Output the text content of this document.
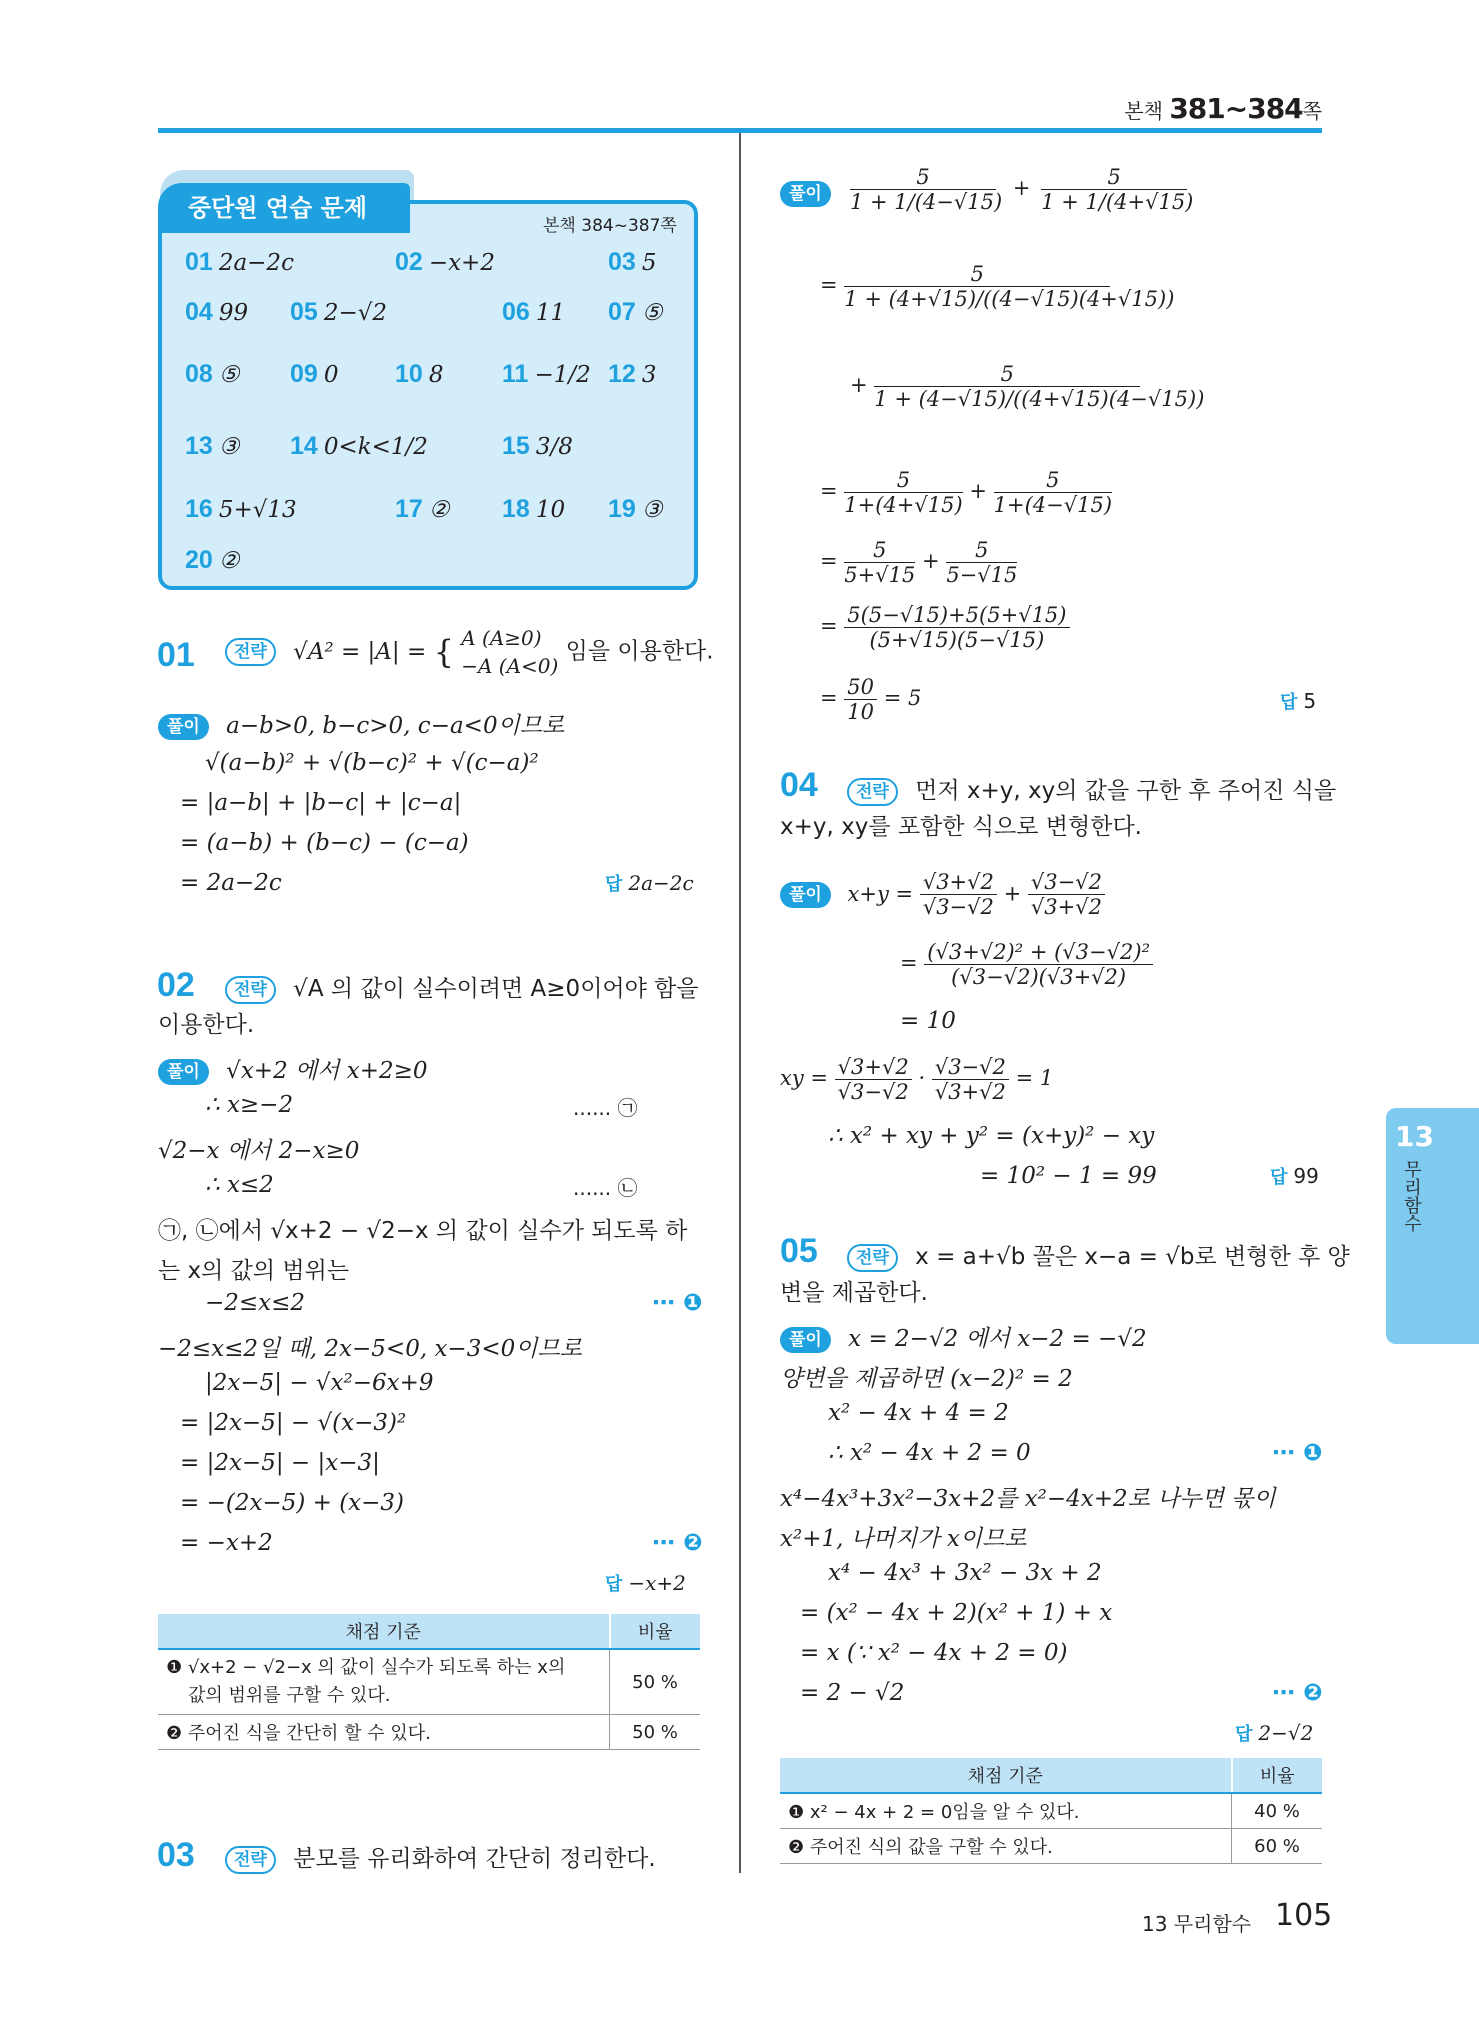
본책 381~384쪽
중단원 연습 문제
본책 384~387쪽
01 2a−2c	02 −x+2	03 5
04 99 05 2−√2	06 11 07 ⑤
08 ⑤ 09 0 10 8 11 −1/2 12 3
13 ③ 14 0<k<1/2	15 3/8
16 5+√13	17 ② 18 10 19 ③
20 ②
01	전략 √A² = |A| = { A (A≥0)
−A (A<0)
임을 이용한다.
풀이 a−b>0, b−c>0, c−a<0이므로
√(a−b)² + √(b−c)² + √(c−a)²
= |a−b| + |b−c| + |c−a|
= (a−b) + (b−c) − (c−a)
= 2a−2c	답 2a−2c
02	전략 √A 의 값이 실수이려면 A≥0이어야 함을
이용한다.
풀이 √x+2 에서 x+2≥0
∴ x≥−2	...... ㉠
√2−x 에서 2−x≥0
∴ x≤2	...... ㉡
㉠, ㉡에서 √x+2 − √2−x 의 값이 실수가 되도록 하
는 x의 값의 범위는
−2≤x≤2	⋯ ❶
−2≤x≤2일 때, 2x−5<0, x−3<0이므로
|2x−5| − √x²−6x+9
= |2x−5| − √(x−3)²
= |2x−5| − |x−3|
= −(2x−5) + (x−3)
= −x+2	⋯ ❷
답 −x+2
채점 기준	비율

❶ √x+2 − √2−x 의 값이 실수가 되도록 하는 x의
값의 범위를 구할 수 있다.	50 %
❷ 주어진 식을 간단히 할 수 있다.	50 %
03	전략 분모를 유리화하여 간단히 정리한다.
풀이	$\frac{5}{1 + 1/(4-√15)} + \frac{5}{1 + 1/(4+√15)}$
= $\frac{5}{1 + (4+√15)/((4-√15)(4+√15))}$
+ $\frac{5}{1 + (4-√15)/((4+√15)(4-√15))}$
= $\frac{5}{1+(4+√15)} + \frac{5}{1+(4-√15)}$
= $\frac{5}{5+√15} + \frac{5}{5-√15}$
= $\frac{5(5-√15)+5(5+√15)}{(5+√15)(5-√15)}$
= $\frac{50}{10} = 5$	답 5
04	전략 먼저 x+y, xy의 값을 구한 후 주어진 식을
x+y, xy를 포함한 식으로 변형한다.
풀이 $x+y = \frac{√3+√2}{√3-√2} + \frac{√3-√2}{√3+√2}$
= $\frac{\text{(√3+√2)² + (√3−√2)²}}{(√3-√2)(√3+√2)}$
= 10
xy = $\frac{√3+√2}{√3-√2} \cdot \frac{√3-√2}{√3+√2} = 1$
∴ x² + xy + y² = (x+y)² − xy
= 10² − 1 = 99	답 99
05	전략 x = a+√b 꼴은 x−a = √b로 변형한 후 양
변을 제곱한다.
풀이 x = 2−√2 에서 x−2 = −√2
양변을 제곱하면 (x−2)² = 2
x² − 4x + 4 = 2
∴ x² − 4x + 2 = 0	⋯ ❶
x⁴−4x³+3x²−3x+2를 x²−4x+2로 나누면 몫이
x²+1, 나머지가 x이므로
x⁴ − 4x³ + 3x² − 3x + 2
= (x² − 4x + 2)(x² + 1) + x
= x (∵ x² − 4x + 2 = 0)
= 2 − √2	⋯ ❷
답 2−√2
채점 기준	비율
❶ x² − 4x + 2 = 0임을 알 수 있다.	40 %
❷ 주어진 식의 값을 구할 수 있다.	60 %
13
무리함수
13 무리함수 105
